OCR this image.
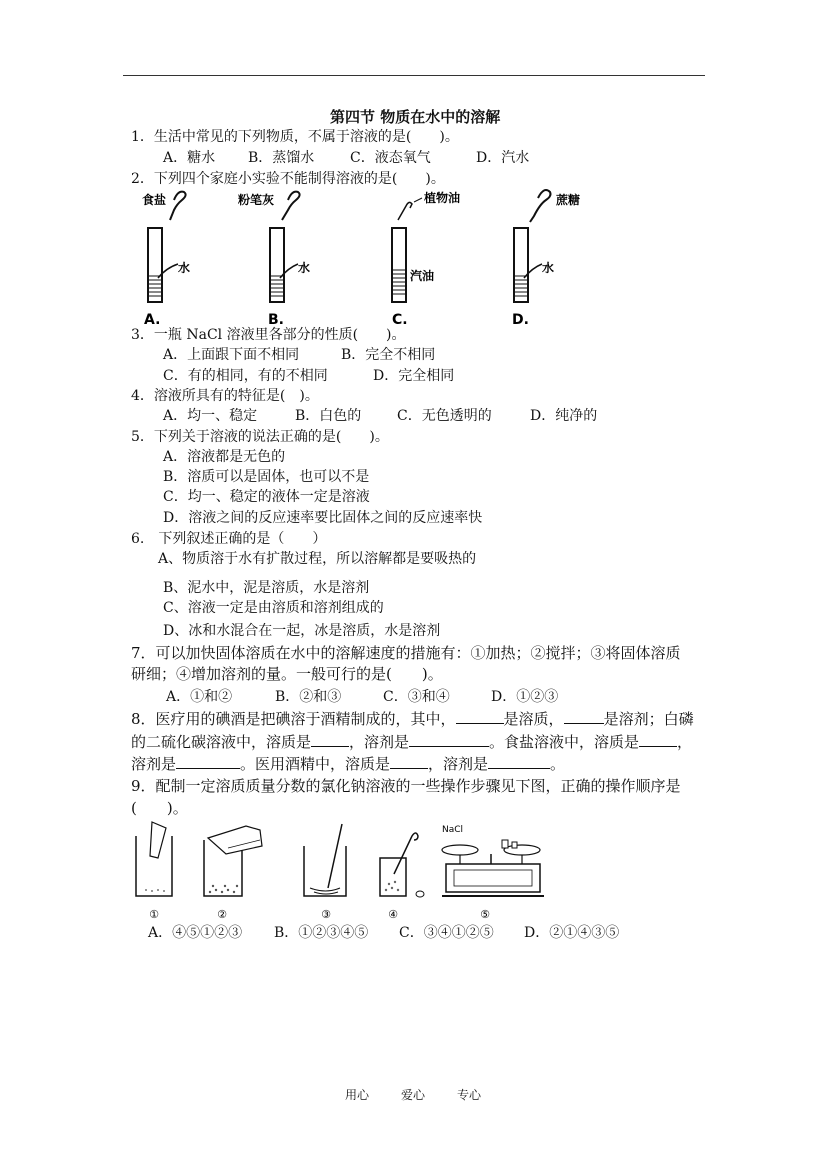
第四节 物质在水中的溶解
1．生活中常见的下列物质，不属于溶液的是(　　)。
A．糖水 B．蒸馏水	C．液态氧气	D．汽水
2．下列四个家庭小实验不能制得溶液的是(　　)。
食盐
水
A.
粉笔灰
水
B.
植物油
汽油
C.
蔗糖
水
D.
3．一瓶 NaCl 溶液里各部分的性质(　　)。
A．上面跟下面不相同	B．完全不相同
C．有的相同，有的不相同	D．完全相同
4．溶液所具有的特征是(　)。
A．均一、稳定	B．白色的	C．无色透明的	D．纯净的
5．下列关于溶液的说法正确的是(　　)。
A．溶液都是无色的
B．溶质可以是固体，也可以不是
C．均一、稳定的液体一定是溶液
D．溶液之间的反应速率要比固体之间的反应速率快
6.　下列叙述正确的是（　　）
A、物质溶于水有扩散过程，所以溶解都是要吸热的
B、泥水中，泥是溶质，水是溶剂
C、溶液一定是由溶质和溶剂组成的
D、冰和水混合在一起，冰是溶质，水是溶剂
7．可以加快固体溶质在水中的溶解速度的措施有：①加热；②搅拌；③将固体溶质
研细；④增加溶剂的量。一般可行的是(　　)。
A．①和②	B．②和③	C．③和④	D．①②③
8．医疗用的碘酒是把碘溶于酒精制成的，其中，	是溶质，	是溶剂；白磷
的二硫化碳溶液中，溶质是	，溶剂是	。食盐溶液中，溶质是	，
溶剂是	。医用酒精中，溶质是	，溶剂是	。
9．配制一定溶质质量分数的氯化钠溶液的一些操作步骤见下图，正确的操作顺序是
(　　)。
①	②	③	④
NaCl
⑤
A．④⑤①②③ B．①②③④⑤ C．③④①②⑤ D．②①④③⑤
用心	爱心	专心
